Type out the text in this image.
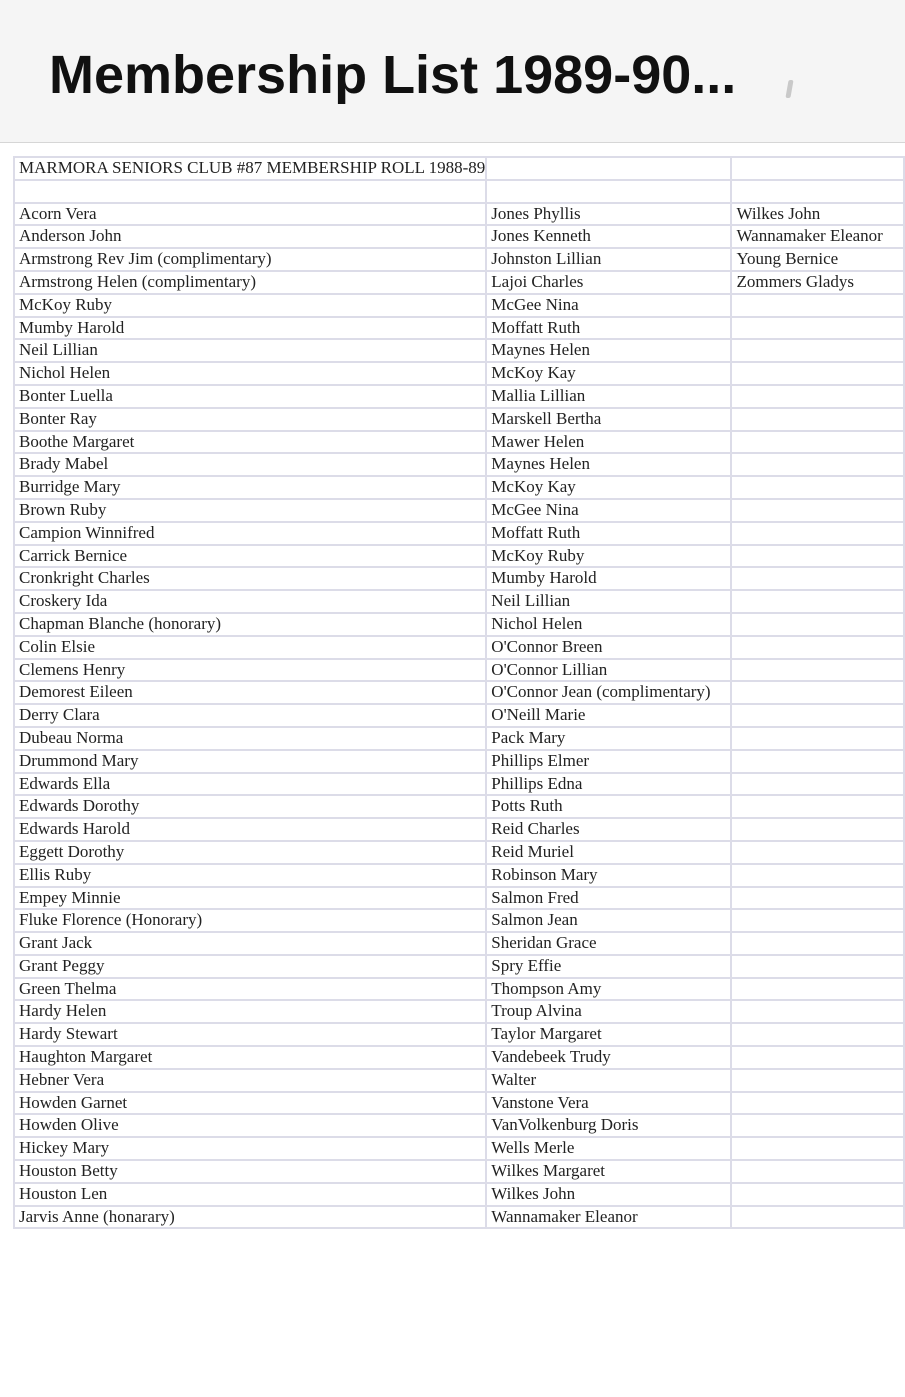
Membership List 1989-90...
MARMORA SENIORS CLUB #87 MEMBERSHIP ROLL 1988-89		

Acorn Vera	Jones Phyllis	Wilkes John
Anderson John	Jones Kenneth	Wannamaker Eleanor
Armstrong Rev Jim (complimentary)	Johnston Lillian	Young Bernice
Armstrong Helen (complimentary)	Lajoi Charles	Zommers Gladys
McKoy Ruby	McGee Nina	
Mumby Harold	Moffatt Ruth	
Neil Lillian	Maynes Helen	
Nichol Helen	McKoy Kay	
Bonter Luella	Mallia Lillian	
Bonter Ray	Marskell Bertha	
Boothe Margaret	Mawer Helen	
Brady Mabel	Maynes Helen	
Burridge Mary	McKoy Kay	
Brown Ruby	McGee Nina	
Campion Winnifred	Moffatt Ruth	
Carrick Bernice	McKoy Ruby	
Cronkright Charles	Mumby Harold	
Croskery Ida	Neil Lillian	
Chapman Blanche (honorary)	Nichol Helen	
Colin Elsie	O'Connor Breen	
Clemens Henry	O'Connor Lillian	
Demorest Eileen	O'Connor Jean (complimentary)	
Derry Clara	O'Neill Marie	
Dubeau Norma	Pack Mary	
Drummond Mary	Phillips Elmer	
Edwards Ella	Phillips Edna	
Edwards Dorothy	Potts Ruth	
Edwards Harold	Reid Charles	
Eggett Dorothy	Reid Muriel	
Ellis Ruby	Robinson Mary	
Empey Minnie	Salmon Fred	
Fluke Florence (Honorary)	Salmon Jean	
Grant Jack	Sheridan Grace	
Grant Peggy	Spry Effie	
Green Thelma	Thompson Amy	
Hardy Helen	Troup Alvina	
Hardy Stewart	Taylor Margaret	
Haughton Margaret	Vandebeek Trudy	
Hebner Vera	Walter	
Howden Garnet	Vanstone Vera	
Howden Olive	VanVolkenburg Doris	
Hickey Mary	Wells Merle	
Houston Betty	Wilkes Margaret	
Houston Len	Wilkes John	
Jarvis Anne (honarary)	Wannamaker Eleanor	
